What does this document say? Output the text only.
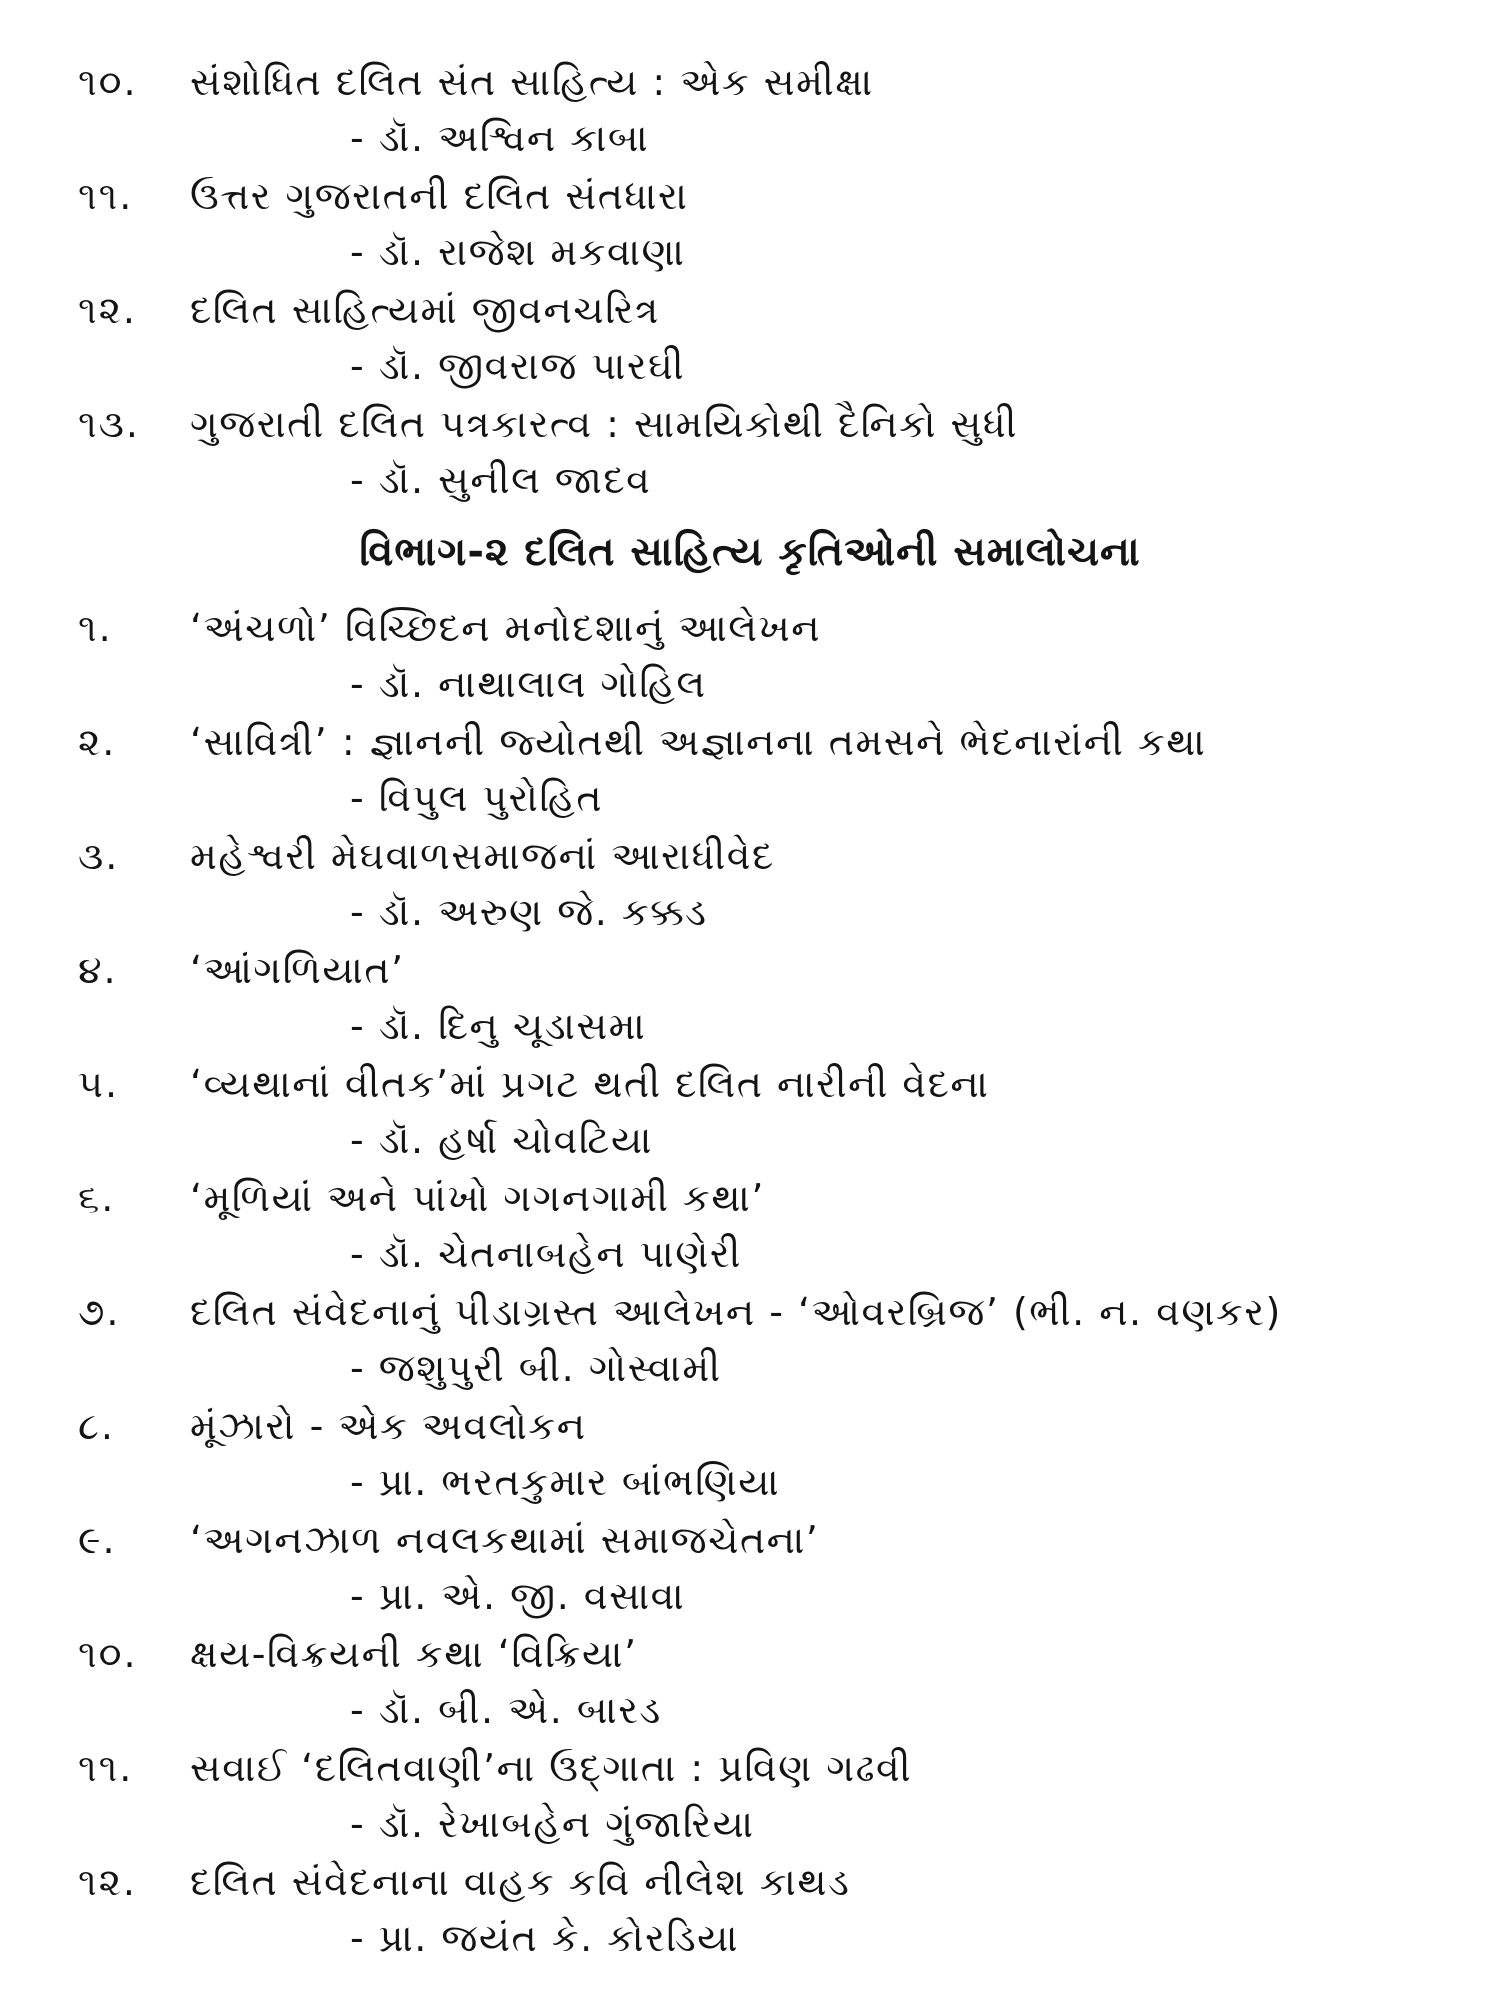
૧૦. સંશોધિત દલિત સંત સાહિત્ય : એક સમીક્ષા
- ડૉ. અશ્વિન કાબા
૧૧. ઉત્તર ગુજરાતની દલિત સંતધારા
- ડૉ. રાજેશ મકવાણા
૧૨. દલિત સાહિત્યમાં જીવનચરિત્ર
- ડૉ. જીવરાજ પારઘી
૧૩. ગુજરાતી દલિત પત્રકારત્વ : સામયિકોથી દૈનિકો સુધી
- ડૉ. સુનીલ જાદવ
વિભાગ-૨ દલિત સાહિત્ય કૃતિઓની સમાલોચના
૧. ‘અંચળો’ વિચ્છિદન મનોદશાનું આલેખન
- ડૉ. નાથાલાલ ગોહિલ
૨. ‘સાવિત્રી’ : જ્ઞાનની જ્યોતથી અજ્ઞાનના તમસને ભેદનારાંની કથા
- વિપુલ પુરોહિત
૩. મહેશ્વરી મેઘવાળસમાજનાં આરાધીવેદ
- ડૉ. અરુણ જે. કક્કડ
૪. ‘આંગળિયાત’
- ડૉ. દિનુ ચૂડાસમા
૫. ‘વ્યથાનાં વીતક’માં પ્રગટ થતી દલિત નારીની વેદના
- ડૉ. હર્ષા ચોવટિયા
૬. ‘મૂળિયાં અને પાંખો ગગનગામી કથા’
- ડૉ. ચેતનાબહેન પાણેરી
૭. દલિત સંવેદનાનું પીડાગ્રસ્ત આલેખન - ‘ઓવરબ્રિજ’ (ભી. ન. વણકર)
- જશુપુરી બી. ગોસ્વામી
૮. મૂંઝારો - એક અવલોકન
- પ્રા. ભરતકુમાર બાંભણિયા
૯. ‘અગનઝાળ નવલકથામાં સમાજચેતના’
- પ્રા. એ. જી. વસાવા
૧૦. ક્ષય-વિક્રયની કથા ‘વિક્રિયા’
- ડૉ. બી. એ. બારડ
૧૧. સવાઈ ‘દલિતવાણી’ના ઉદ્ગાતા : પ્રવિણ ગઢવી
- ડૉ. રેખાબહેન ગુંજારિયા
૧૨. દલિત સંવેદનાના વાહક કવિ નીલેશ કાથડ
- પ્રા. જયંત કે. કોરડિયા
